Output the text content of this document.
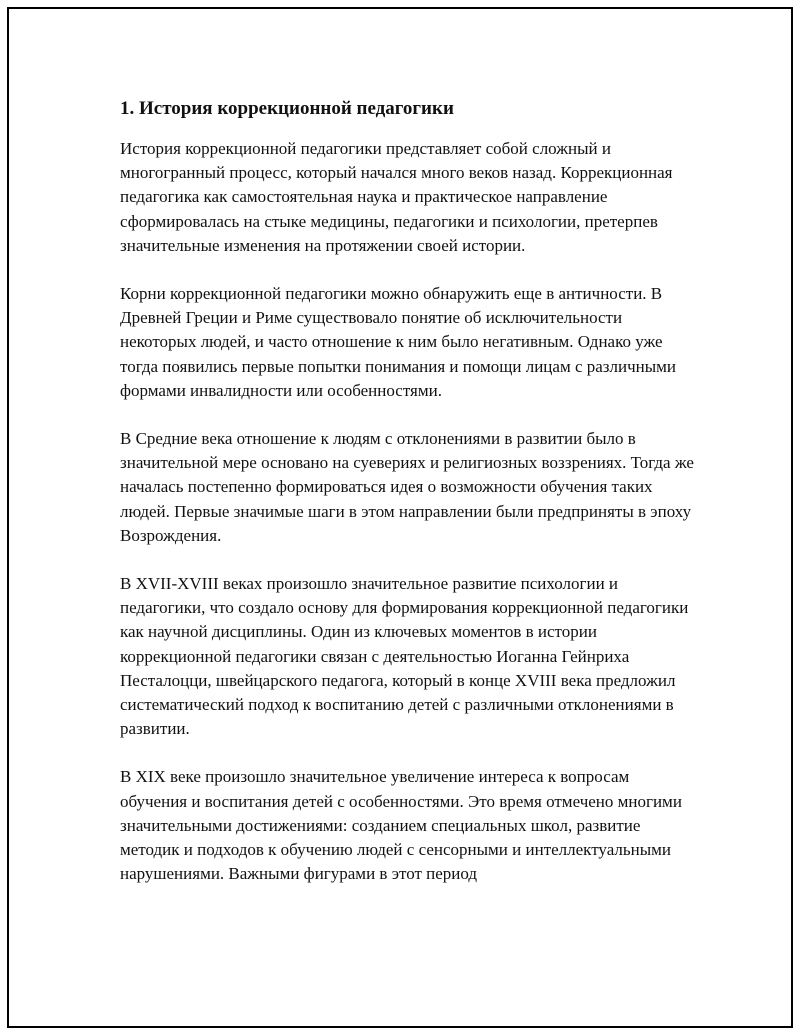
1. История коррекционной педагогики

История коррекционной педагогики представляет собой сложный и многогранный процесс, который начался много веков назад. Коррекционная педагогика как самостоятельная наука и практическое направление сформировалась на стыке медицины, педагогики и психологии, претерпев значительные изменения на протяжении своей истории.

Корни коррекционной педагогики можно обнаружить еще в античности. В Древней Греции и Риме существовало понятие об исключительности некоторых людей, и часто отношение к ним было негативным. Однако уже тогда появились первые попытки понимания и помощи лицам с различными формами инвалидности или особенностями.

В Средние века отношение к людям с отклонениями в развитии было в значительной мере основано на суевериях и религиозных воззрениях. Тогда же началась постепенно формироваться идея о возможности обучения таких людей. Первые значимые шаги в этом направлении были предприняты в эпоху Возрождения.

В XVII-XVIII веках произошло значительное развитие психологии и педагогики, что создало основу для формирования коррекционной педагогики как научной дисциплины. Один из ключевых моментов в истории коррекционной педагогики связан с деятельностью Иоганна Гейнриха Песталоцци, швейцарского педагога, который в конце XVIII века предложил систематический подход к воспитанию детей с различными отклонениями в развитии.

В XIX веке произошло значительное увеличение интереса к вопросам обучения и воспитания детей с особенностями. Это время отмечено многими значительными достижениями: созданием специальных школ, развитие методик и подходов к обучению людей с сенсорными и интеллектуальными нарушениями. Важными фигурами в этот период
